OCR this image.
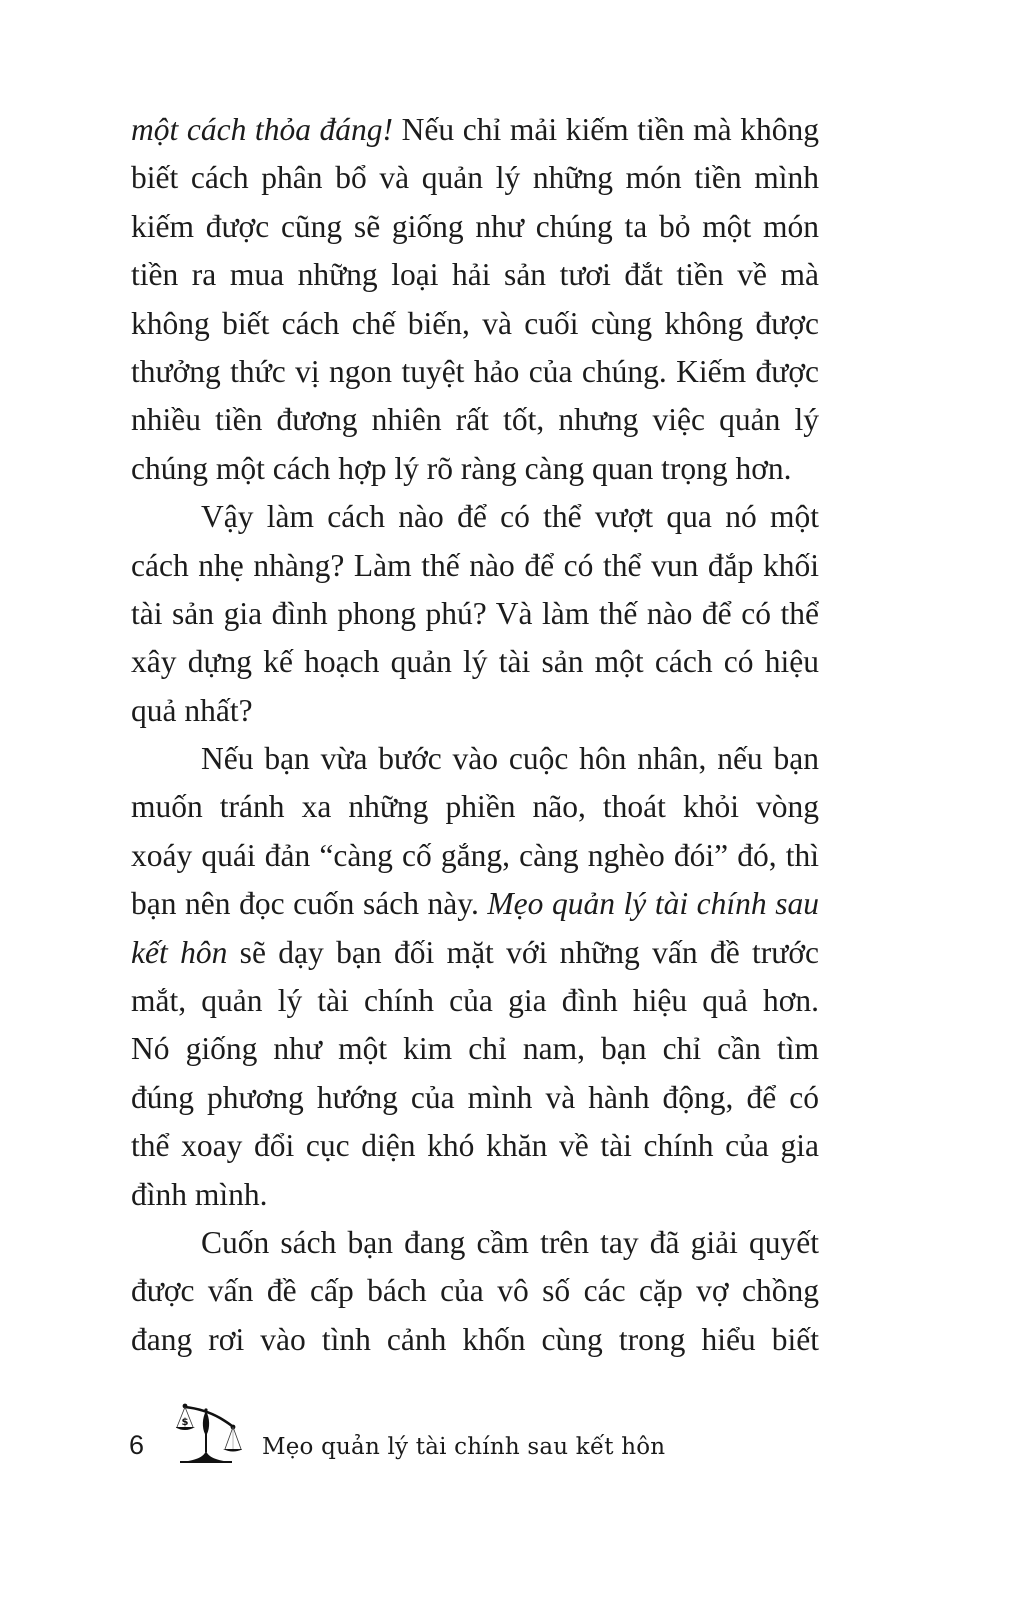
một cách thỏa đáng! Nếu chỉ mải kiếm tiền mà không
biết cách phân bổ và quản lý những món tiền mình
kiếm được cũng sẽ giống như chúng ta bỏ một món
tiền ra mua những loại hải sản tươi đắt tiền về mà
không biết cách chế biến, và cuối cùng không được
thưởng thức vị ngon tuyệt hảo của chúng. Kiếm được
nhiều tiền đương nhiên rất tốt, nhưng việc quản lý
chúng một cách hợp lý rõ ràng càng quan trọng hơn.
Vậy làm cách nào để có thể vượt qua nó một
cách nhẹ nhàng? Làm thế nào để có thể vun đắp khối
tài sản gia đình phong phú? Và làm thế nào để có thể
xây dựng kế hoạch quản lý tài sản một cách có hiệu
quả nhất?
Nếu bạn vừa bước vào cuộc hôn nhân, nếu bạn
muốn tránh xa những phiền não, thoát khỏi vòng
xoáy quái đản “càng cố gắng, càng nghèo đói” đó, thì
bạn nên đọc cuốn sách này. Mẹo quản lý tài chính sau
kết hôn sẽ dạy bạn đối mặt với những vấn đề trước
mắt, quản lý tài chính của gia đình hiệu quả hơn.
Nó giống như một kim chỉ nam, bạn chỉ cần tìm
đúng phương hướng của mình và hành động, để có
thể xoay đổi cục diện khó khăn về tài chính của gia
đình mình.
Cuốn sách bạn đang cầm trên tay đã giải quyết
được vấn đề cấp bách của vô số các cặp vợ chồng
đang rơi vào tình cảnh khốn cùng trong hiểu biết
6
$
Mẹo quản lý tài chính sau kết hôn
